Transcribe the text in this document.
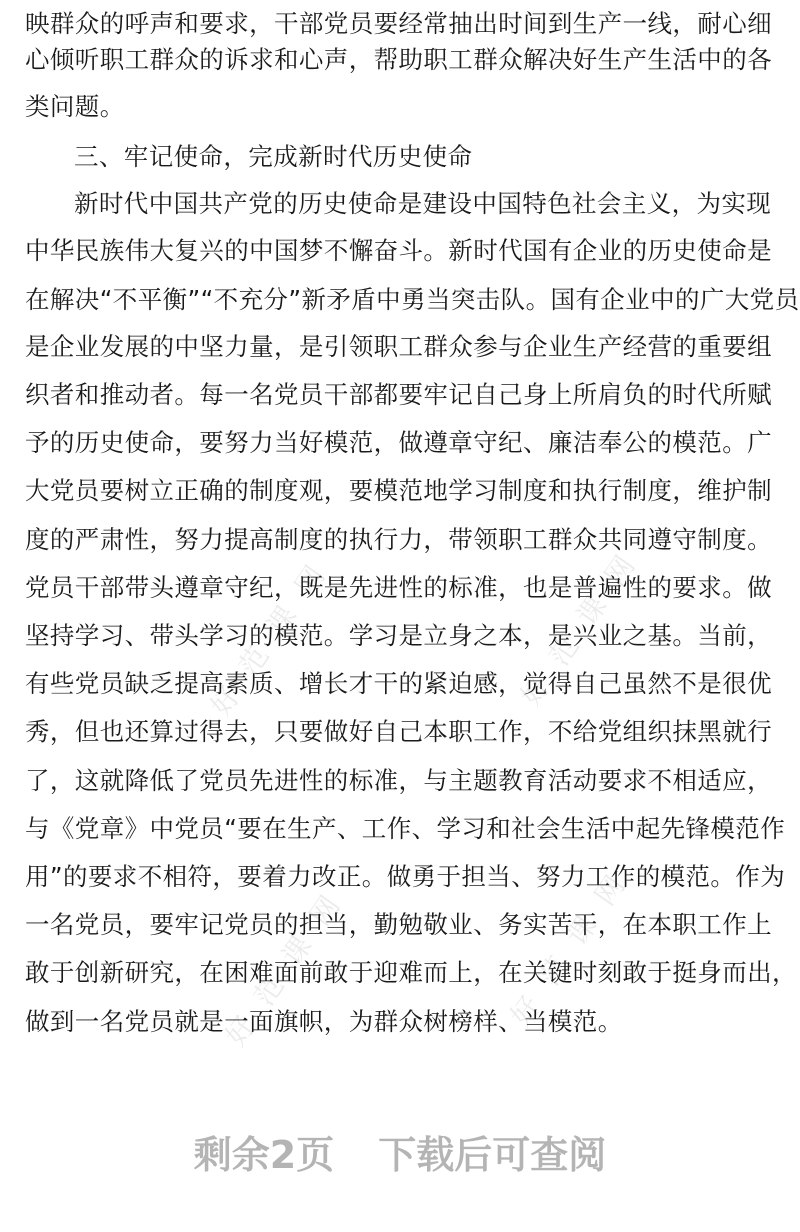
好 范 课 网	好 范 课 网
好 范 课 网	好 范 课 网
映群众的呼声和要求，干部党员要经常抽出时间到生产一线，耐心细
心倾听职工群众的诉求和心声，帮助职工群众解决好生产生活中的各
类问题。
三、牢记使命，完成新时代历史使命
新时代中国共产党的历史使命是建设中国特色社会主义，为实现
中华民族伟大复兴的中国梦不懈奋斗。新时代国有企业的历史使命是
在解决“不平衡”“不充分”新矛盾中勇当突击队。国有企业中的广大党员
是企业发展的中坚力量，是引领职工群众参与企业生产经营的重要组
织者和推动者。每一名党员干部都要牢记自己身上所肩负的时代所赋
予的历史使命，要努力当好模范，做遵章守纪、廉洁奉公的模范。广
大党员要树立正确的制度观，要模范地学习制度和执行制度，维护制
度的严肃性，努力提高制度的执行力，带领职工群众共同遵守制度。
党员干部带头遵章守纪，既是先进性的标准，也是普遍性的要求。做
坚持学习、带头学习的模范。学习是立身之本，是兴业之基。当前，
有些党员缺乏提高素质、增长才干的紧迫感，觉得自己虽然不是很优
秀，但也还算过得去，只要做好自己本职工作，不给党组织抹黑就行
了，这就降低了党员先进性的标准，与主题教育活动要求不相适应，
与《党章》中党员“要在生产、工作、学习和社会生活中起先锋模范作
用”的要求不相符，要着力改正。做勇于担当、努力工作的模范。作为
一名党员，要牢记党员的担当，勤勉敬业、务实苦干，在本职工作上
敢于创新研究，在困难面前敢于迎难而上，在关键时刻敢于挺身而出，
做到一名党员就是一面旗帜，为群众树榜样、当模范。
剩余2页 下载后可查阅
